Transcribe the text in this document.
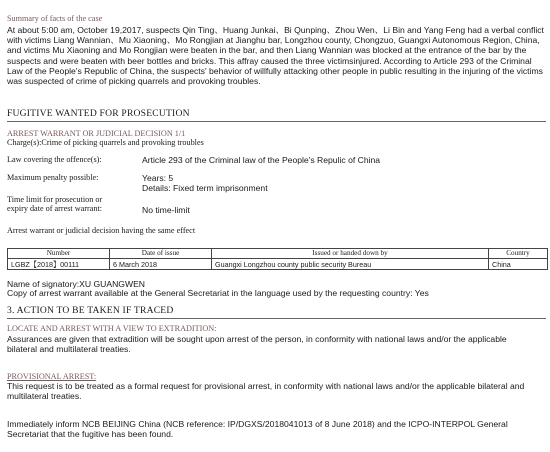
Summary of facts of the case
At about 5:00 am, October 19,2017, suspects Qin Ting、Huang Junkai、Bi Qunping、Zhou Wen、Li Bin and Yang Feng had a verbal conflict with victims Liang Wannian、Mu Xiaoning、Mo Rongjian at Jianghu bar, Longzhou county, Chongzuo, Guangxi Autonomous Region, China, and victims Mu Xiaoning and Mo Rongjian were beaten in the bar, and then Liang Wannian was blocked at the entrance of the bar by the suspects and were beaten with beer bottles and bricks. This affray caused the three victimsinjured. According to Article 293 of the Criminal Law of the People's Republic of China, the suspects' behavior of willfully attacking other people in public resulting in the injuring of the victims was suspected of crime of picking quarrels and provoking troubles.
FUGITIVE WANTED FOR PROSECUTION
ARREST WARRANT OR JUDICIAL DECISION 1/1
Charge(s):Crime of picking quarrels and provoking troubles
Law covering the offence(s):	Article 293 of the Criminal law of the People's Repulic of China
Maximum penalty possible:	Years: 5
Details: Fixed term imprisonment
Time limit for prosecution or
expiry date of arrest warrant:	No time-limit
Arrest warrant or judicial decision having the same effect
Number	Date of issue	Issued or handed down by	Country
LGBZ【2018】00111	6 March 2018	Guangxi Longzhou county public security Bureau	China
Name of signatory:XU GUANGWEN
Copy of arrest warrant available at the General Secretariat in the language used by the requesting country: Yes
3. ACTION TO BE TAKEN IF TRACED
LOCATE AND ARREST WITH A VIEW TO EXTRADITION:
Assurances are given that extradition will be sought upon arrest of the person, in conformity with national laws and/or the applicable bilateral and multilateral treaties.
PROVISIONAL ARREST:
This request is to be treated as a formal request for provisional arrest, in conformity with national laws and/or the applicable bilateral and multilateral treaties.
Immediately inform NCB BEIJING China (NCB reference: IP/DGXS/2018041013 of 8 June 2018) and the ICPO-INTERPOL General Secretariat that the fugitive has been found.
